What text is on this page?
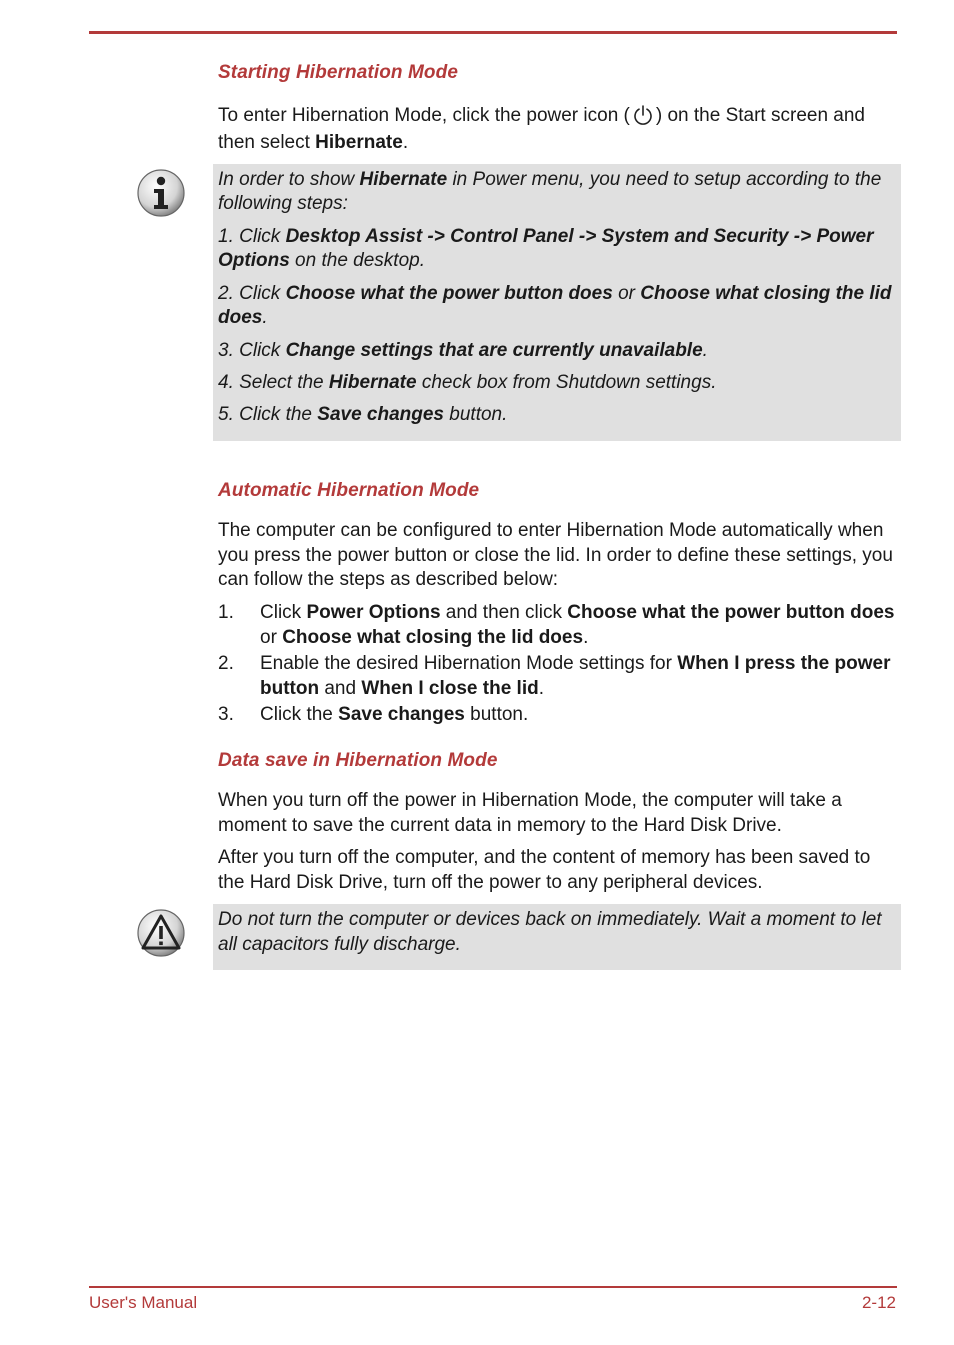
Starting Hibernation Mode

To enter Hibernation Mode, click the power icon ( ) on the Start screen and then select Hibernate.

In order to show Hibernate in Power menu, you need to setup according to the following steps:

1. Click Desktop Assist -> Control Panel -> System and Security -> Power Options on the desktop.

2. Click Choose what the power button does or Choose what closing the lid does.

3. Click Change settings that are currently unavailable.

4. Select the Hibernate check box from Shutdown settings.

5. Click the Save changes button.

Automatic Hibernation Mode

The computer can be configured to enter Hibernation Mode automatically when you press the power button or close the lid. In order to define these settings, you can follow the steps as described below:

1. Click Power Options and then click Choose what the power button does or Choose what closing the lid does.
2. Enable the desired Hibernation Mode settings for When I press the power button and When I close the lid.
3. Click the Save changes button.
Data save in Hibernation Mode

When you turn off the power in Hibernation Mode, the computer will take a moment to save the current data in memory to the Hard Disk Drive.

After you turn off the computer, and the content of memory has been saved to the Hard Disk Drive, turn off the power to any peripheral devices.

Do not turn the computer or devices back on immediately. Wait a moment to let all capacitors fully discharge.

User's Manual	2-12
